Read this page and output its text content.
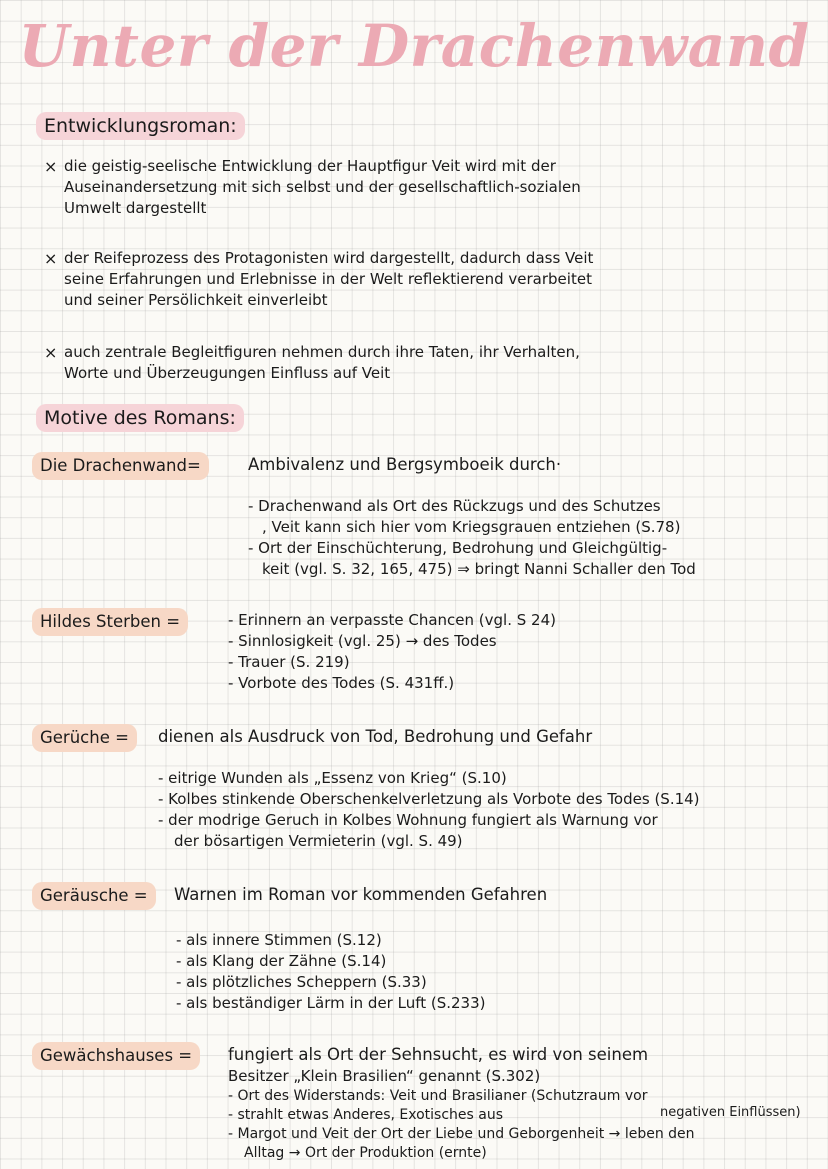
Unter der Drachenwand
Entwicklungsroman:
× die geistig-seelische Entwicklung der Hauptfigur Veit wird mit der
Auseinandersetzung mit sich selbst und der gesellschaftlich-sozialen
Umwelt dargestellt
× der Reifeprozess des Protagonisten wird dargestellt, dadurch dass Veit
seine Erfahrungen und Erlebnisse in der Welt reflektierend verarbeitet
und seiner Persölichkeit einverleibt
× auch zentrale Begleitfiguren nehmen durch ihre Taten, ihr Verhalten,
Worte und Überzeugungen Einfluss auf Veit
Motive des Romans:
Die Drachenwand=	Ambivalenz und Bergsymboeik durch·
- Drachenwand als Ort des Rückzugs und des Schutzes
, Veit kann sich hier vom Kriegsgrauen entziehen (S.78)
- Ort der Einschüchterung, Bedrohung und Gleichgültig-
keit (vgl. S. 32, 165, 475) ⇒ bringt Nanni Schaller den Tod
Hildes Sterben =	- Erinnern an verpasste Chancen (vgl. S 24)
- Sinnlosigkeit (vgl. 25) → des Todes
- Trauer (S. 219)
- Vorbote des Todes (S. 431ff.)
Gerüche =	dienen als Ausdruck von Tod, Bedrohung und Gefahr
- eitrige Wunden als „Essenz von Krieg“ (S.10)
- Kolbes stinkende Oberschenkelverletzung als Vorbote des Todes (S.14)
- der modrige Geruch in Kolbes Wohnung fungiert als Warnung vor
der bösartigen Vermieterin (vgl. S. 49)
Geräusche =	Warnen im Roman vor kommenden Gefahren
- als innere Stimmen (S.12)
- als Klang der Zähne (S.14)
- als plötzliches Scheppern (S.33)
- als beständiger Lärm in der Luft (S.233)
Gewächshauses =	fungiert als Ort der Sehnsucht, es wird von seinem
Besitzer „Klein Brasilien“ genannt (S.302)
- Ort des Widerstands: Veit und Brasilianer (Schutzraum vor
- strahlt etwas Anderes, Exotisches aus
- Margot und Veit der Ort der Liebe und Geborgenheit → leben den
Alltag → Ort der Produktion (ernte)
negativen Einflüssen)
